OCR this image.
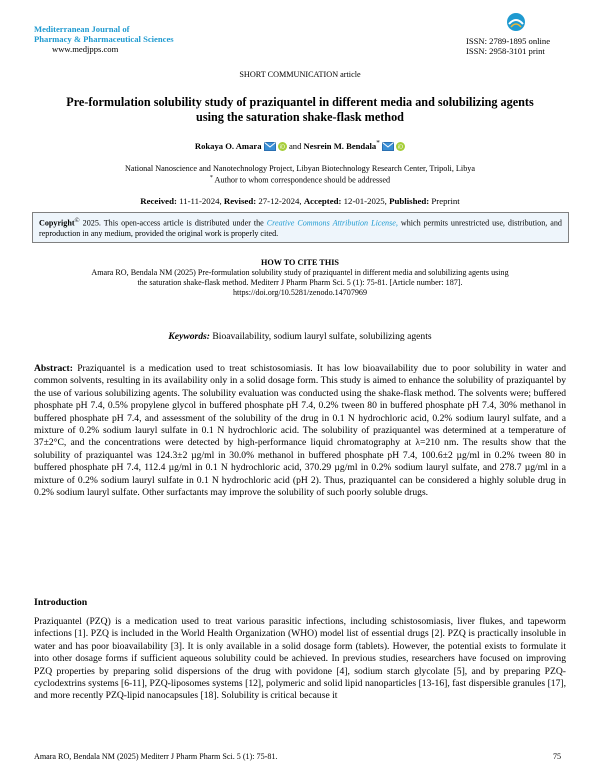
Mediterranean Journal of
Pharmacy & Pharmaceutical Sciences
www.medjpps.com
ISSN: 2789-1895 online
ISSN: 2958-3101 print
SHORT COMMUNICATION article
Pre-formulation solubility study of praziquantel in different media and solubilizing agents using the saturation shake-flask method
Rokaya O. Amara	iD and Nesrein M. Bendala*
iD
National Nanoscience and Nanotechnology Project, Libyan Biotechnology Research Center, Tripoli, Libya
* Author to whom correspondence should be addressed
Received: 11-11-2024, Revised: 27-12-2024, Accepted: 12-01-2025, Published: Preprint
Copyright© 2025. This open-access article is distributed under the Creative Commons Attribution License, which permits unrestricted use, distribution, and reproduction in any medium, provided the original work is properly cited.
HOW TO CITE THIS
Amara RO, Bendala NM (2025) Pre-formulation solubility study of praziquantel in different media and solubilizing agents using
the saturation shake-flask method. Mediterr J Pharm Pharm Sci. 5 (1): 75-81. [Article number: 187].
https://doi.org/10.5281/zenodo.14707969
Keywords: Bioavailability, sodium lauryl sulfate, solubilizing agents
Abstract: Praziquantel is a medication used to treat schistosomiasis. It has low bioavailability due to poor solubility in water and common solvents, resulting in its availability only in a solid dosage form. This study is aimed to enhance the solubility of praziquantel by the use of various solubilizing agents. The solubility evaluation was conducted using the shake-flask method. The solvents were; buffered phosphate pH 7.4, 0.5% propylene glycol in buffered phosphate pH 7.4, 0.2% tween 80 in buffered phosphate pH 7.4, 30% methanol in buffered phosphate pH 7.4, and assessment of the solubility of the drug in 0.1 N hydrochloric acid, 0.2% sodium lauryl sulfate, and a mixture of 0.2% sodium lauryl sulfate in 0.1 N hydrochloric acid. The solubility of praziquantel was determined at a temperature of 37±2°C, and the concentrations were detected by high-performance liquid chromatography at λ=210 nm. The results show that the solubility of praziquantel was 124.3±2 µg/ml in 30.0% methanol in buffered phosphate pH 7.4, 100.6±2 µg/ml in 0.2% tween 80 in buffered phosphate pH 7.4, 112.4 µg/ml in 0.1 N hydrochloric acid, 370.29 µg/ml in 0.2% sodium lauryl sulfate, and 278.7 µg/ml in a mixture of 0.2% sodium lauryl sulfate in 0.1 N hydrochloric acid (pH 2). Thus, praziquantel can be considered a highly soluble drug in 0.2% sodium lauryl sulfate. Other surfactants may improve the solubility of such poorly soluble drugs.
Introduction
Praziquantel (PZQ) is a medication used to treat various parasitic infections, including schistosomiasis, liver flukes, and tapeworm infections [1]. PZQ is included in the World Health Organization (WHO) model list of essential drugs [2]. PZQ is practically insoluble in water and has poor bioavailability [3]. It is only available in a solid dosage form (tablets). However, the potential exists to formulate it into other dosage forms if sufficient aqueous solubility could be achieved. In previous studies, researchers have focused on improving PZQ properties by preparing solid dispersions of the drug with povidone [4], sodium starch glycolate [5], and by preparing PZQ-cyclodextrins systems [6-11], PZQ-liposomes systems [12], polymeric and solid lipid nanoparticles [13-16], fast dispersible granules [17], and more recently PZQ-lipid nanocapsules [18]. Solubility is critical because it
Amara RO, Bendala NM (2025) Mediterr J Pharm Pharm Sci. 5 (1): 75-81.	75
